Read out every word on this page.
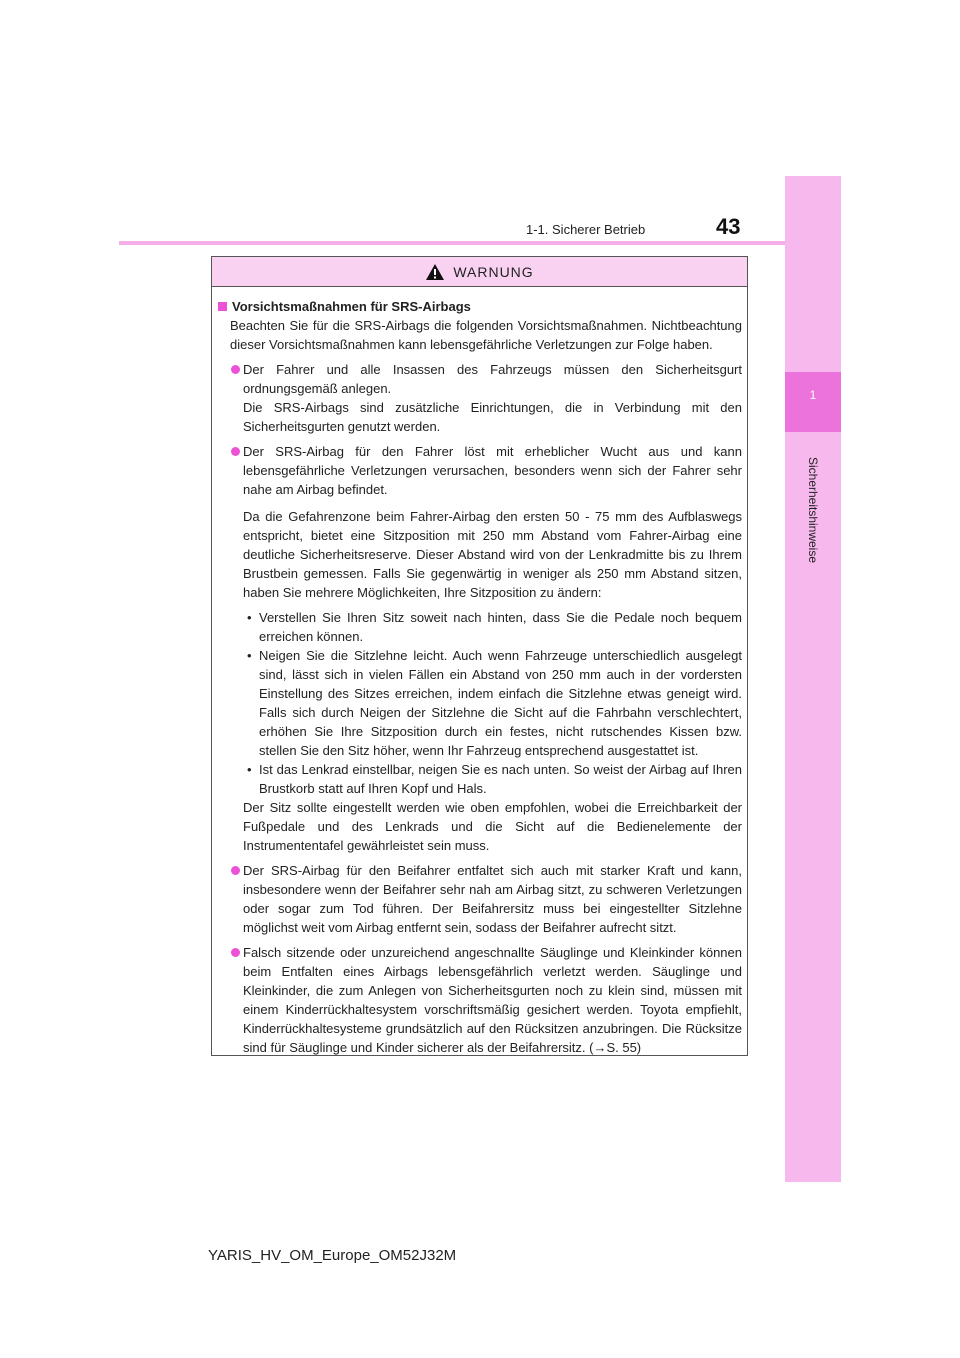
1-1. Sicherer Betrieb	43
1
Sicherheitshinweise
WARNUNG
Vorsichtsmaßnahmen für SRS-Airbags
Beachten Sie für die SRS-Airbags die folgenden Vorsichtsmaßnahmen. Nichtbeachtung dieser Vorsichtsmaßnahmen kann lebensgefährliche Verletzungen zur Folge haben.
Der Fahrer und alle Insassen des Fahrzeugs müssen den Sicherheitsgurt ordnungsgemäß anlegen.
Die SRS-Airbags sind zusätzliche Einrichtungen, die in Verbindung mit den Sicherheitsgurten genutzt werden.
Der SRS-Airbag für den Fahrer löst mit erheblicher Wucht aus und kann lebensgefährliche Verletzungen verursachen, besonders wenn sich der Fahrer sehr nahe am Airbag befindet.
Da die Gefahrenzone beim Fahrer-Airbag den ersten 50 - 75 mm des Aufblaswegs entspricht, bietet eine Sitzposition mit 250 mm Abstand vom Fahrer-Airbag eine deutliche Sicherheitsreserve. Dieser Abstand wird von der Lenkradmitte bis zu Ihrem Brustbein gemessen. Falls Sie gegenwärtig in weniger als 250 mm Abstand sitzen, haben Sie mehrere Möglichkeiten, Ihre Sitzposition zu ändern:
• Verstellen Sie Ihren Sitz soweit nach hinten, dass Sie die Pedale noch bequem erreichen können.
• Neigen Sie die Sitzlehne leicht. Auch wenn Fahrzeuge unterschiedlich ausgelegt sind, lässt sich in vielen Fällen ein Abstand von 250 mm auch in der vordersten Einstellung des Sitzes erreichen, indem einfach die Sitzlehne etwas geneigt wird. Falls sich durch Neigen der Sitzlehne die Sicht auf die Fahrbahn verschlechtert, erhöhen Sie Ihre Sitzposition durch ein festes, nicht rutschendes Kissen bzw. stellen Sie den Sitz höher, wenn Ihr Fahrzeug entsprechend ausgestattet ist.
• Ist das Lenkrad einstellbar, neigen Sie es nach unten. So weist der Airbag auf Ihren Brustkorb statt auf Ihren Kopf und Hals.
Der Sitz sollte eingestellt werden wie oben empfohlen, wobei die Erreichbarkeit der Fußpedale und des Lenkrads und die Sicht auf die Bedienelemente der Instrumententafel gewährleistet sein muss.
Der SRS-Airbag für den Beifahrer entfaltet sich auch mit starker Kraft und kann, insbesondere wenn der Beifahrer sehr nah am Airbag sitzt, zu schweren Verletzungen oder sogar zum Tod führen. Der Beifahrersitz muss bei eingestellter Sitzlehne möglichst weit vom Airbag entfernt sein, sodass der Beifahrer aufrecht sitzt.
Falsch sitzende oder unzureichend angeschnallte Säuglinge und Kleinkinder können beim Entfalten eines Airbags lebensgefährlich verletzt werden. Säuglinge und Kleinkinder, die zum Anlegen von Sicherheitsgurten noch zu klein sind, müssen mit einem Kinderrückhaltesystem vorschriftsmäßig gesichert werden. Toyota empfiehlt, Kinderrückhaltesysteme grundsätzlich auf den Rücksitzen anzubringen. Die Rücksitze sind für Säuglinge und Kinder sicherer als der Beifahrersitz. (→S. 55)
YARIS_HV_OM_Europe_OM52J32M
